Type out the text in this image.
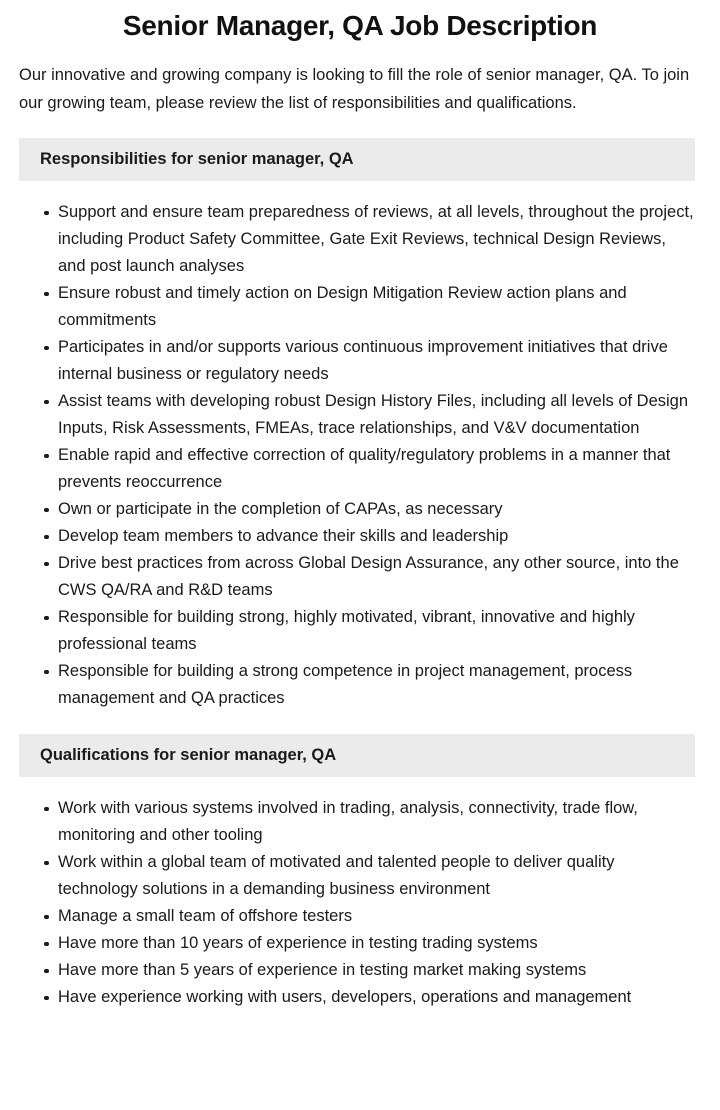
Senior Manager, QA Job Description

Our innovative and growing company is looking to fill the role of senior manager, QA. To join our growing team, please review the list of responsibilities and qualifications.

Responsibilities for senior manager, QA
Support and ensure team preparedness of reviews, at all levels, throughout the project, including Product Safety Committee, Gate Exit Reviews, technical Design Reviews, and post launch analyses
Ensure robust and timely action on Design Mitigation Review action plans and commitments
Participates in and/or supports various continuous improvement initiatives that drive internal business or regulatory needs
Assist teams with developing robust Design History Files, including all levels of Design Inputs, Risk Assessments, FMEAs, trace relationships, and V&V documentation
Enable rapid and effective correction of quality/regulatory problems in a manner that prevents reoccurrence
Own or participate in the completion of CAPAs, as necessary
Develop team members to advance their skills and leadership
Drive best practices from across Global Design Assurance, any other source, into the CWS QA/RA and R&D teams
Responsible for building strong, highly motivated, vibrant, innovative and highly professional teams
Responsible for building a strong competence in project management, process management and QA practices
Qualifications for senior manager, QA
Work with various systems involved in trading, analysis, connectivity, trade flow, monitoring and other tooling
Work within a global team of motivated and talented people to deliver quality technology solutions in a demanding business environment
Manage a small team of offshore testers
Have more than 10 years of experience in testing trading systems
Have more than 5 years of experience in testing market making systems
Have experience working with users, developers, operations and management
